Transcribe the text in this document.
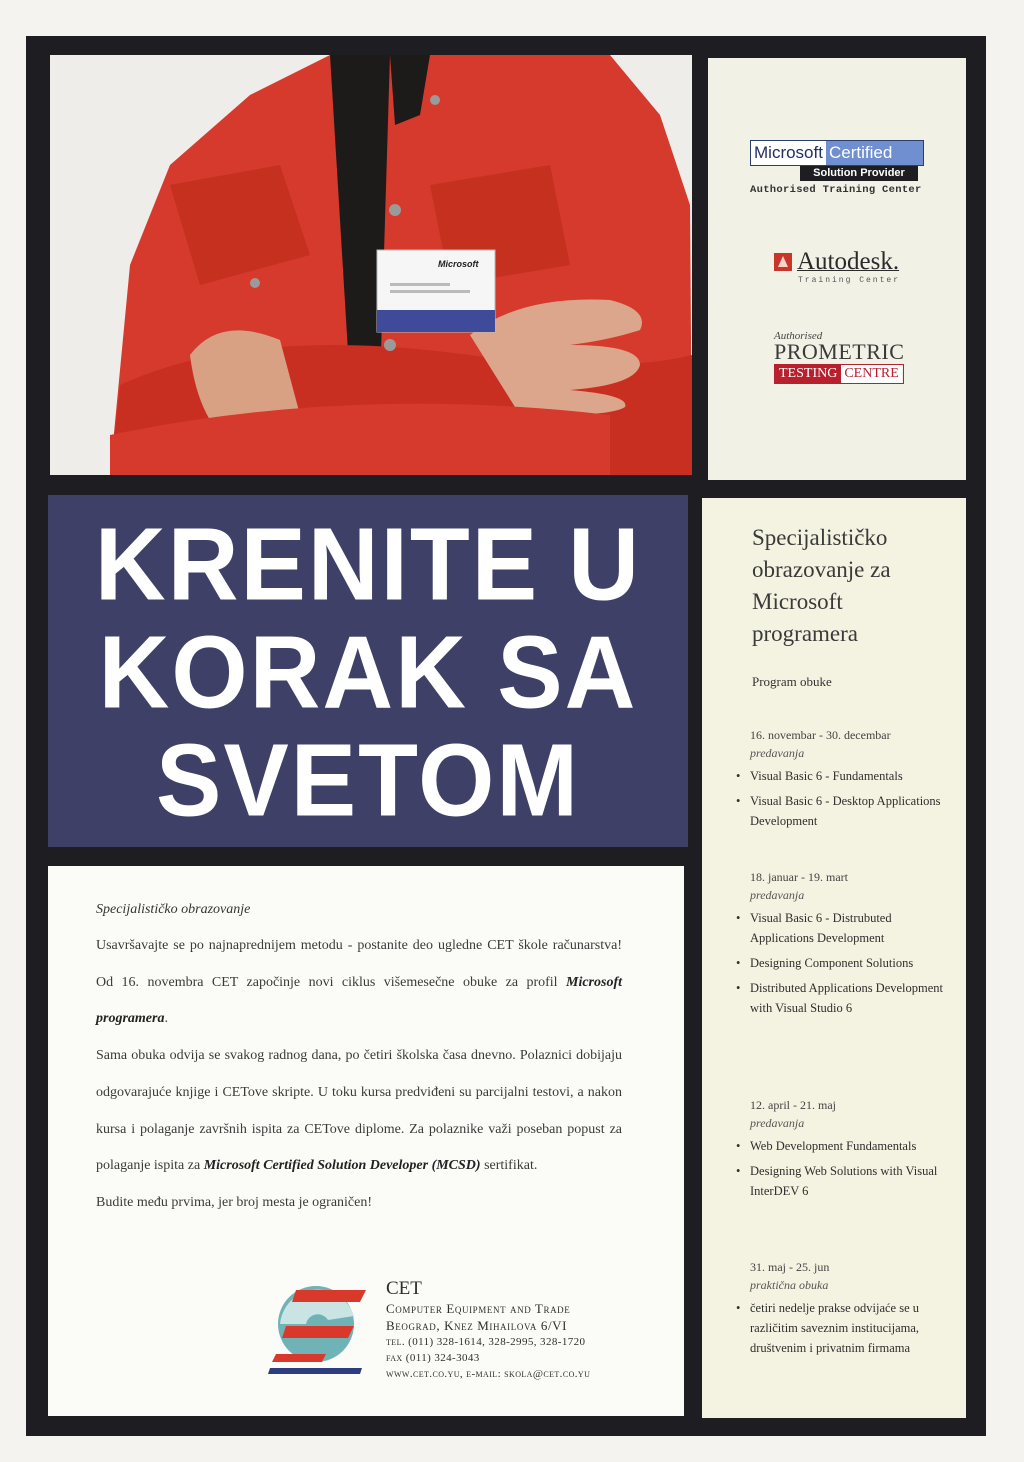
Microsoft
Microsoft Certified
Solution Provider
Authorised Training Center
Autodesk.
Training Center
Authorised
PROMETRIC
TESTING CENTRE
KRENITE U
KORAK SA
SVETOM
Specijalističko obrazovanje

Usavršavajte se po najnaprednijem metodu - postanite deo ugledne CET škole računarstva! Od 16. novembra CET započinje novi ciklus višemesečne obuke za profil Microsoft programera.

Sama obuka odvija se svakog radnog dana, po četiri školska časa dnevno. Polaznici dobijaju odgovarajuće knjige i CETove skripte. U toku kursa predviđeni su parcijalni testovi, a nakon kursa i polaganje završnih ispita za CETove diplome. Za polaznike važi poseban popust za polaganje ispita za Microsoft Certified Solution Developer (MCSD) sertifikat.

Budite među prvima, jer broj mesta je ograničen!

CET
Computer Equipment and Trade
Beograd, Knez Mihailova 6/VI
tel. (011) 328-1614, 328-2995, 328-1720
fax (011) 324-3043
www.cet.co.yu, e-mail: skola@cet.co.yu
Specijalističko obrazovanje za Microsoft programera
Program obuke
16. novembar - 30. decembar
predavanja
• Visual Basic 6 - Fundamentals
• Visual Basic 6 - Desktop Applications Development
18. januar - 19. mart
predavanja
• Visual Basic 6 - Distrubuted Applications Development
• Designing Component Solutions
• Distributed Applications Development with Visual Studio 6
12. april - 21. maj
predavanja
• Web Development Fundamentals
• Designing Web Solutions with Visual InterDEV 6
31. maj - 25. jun
praktična obuka
• četiri nedelje prakse odvijaće se u različitim saveznim institucijama, društvenim i privatnim firmama
